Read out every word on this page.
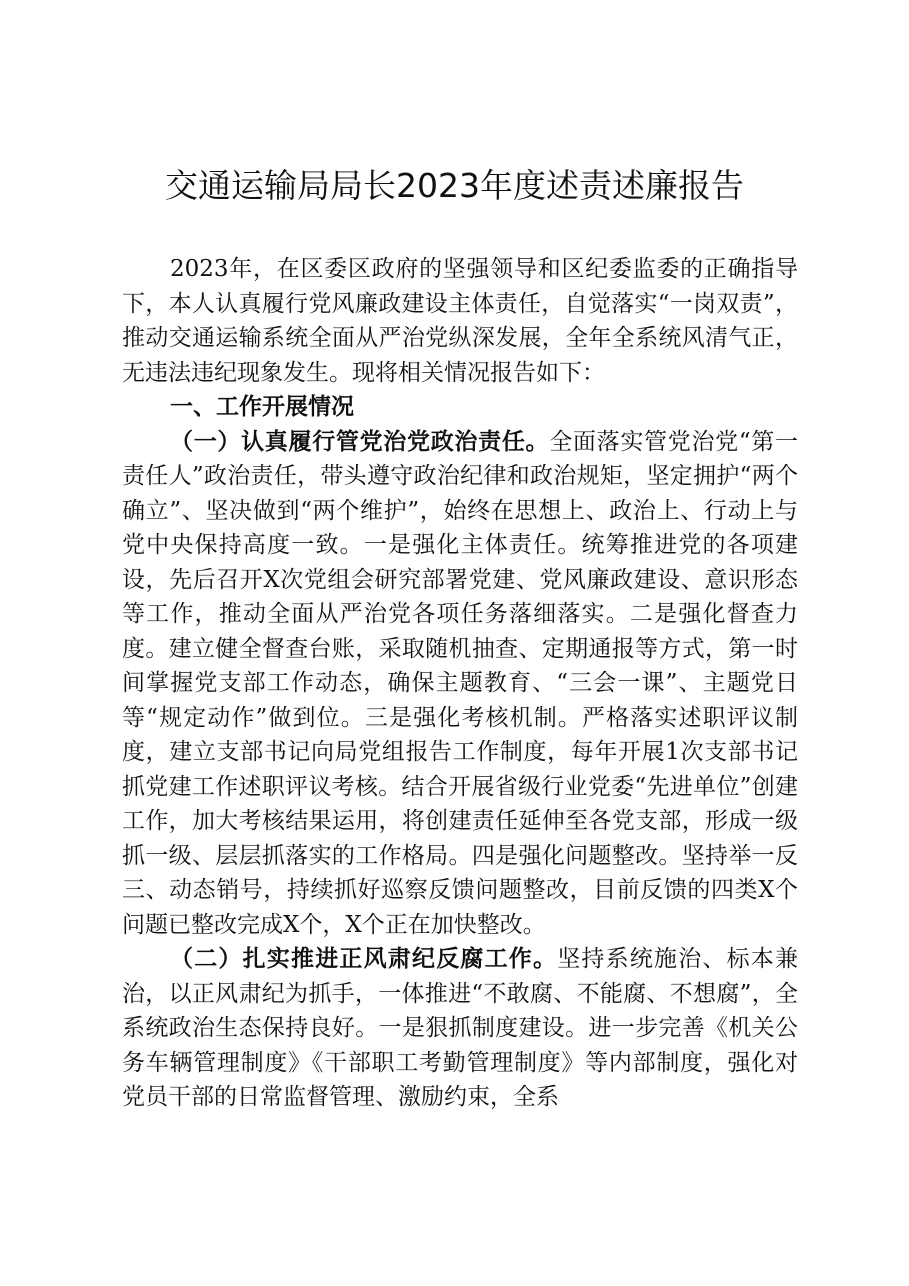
交通运输局局长2023年度述责述廉报告

2023年，在区委区政府的坚强领导和区纪委监委的正确指导下，本人认真履行党风廉政建设主体责任，自觉落实“一岗双责”，推动交通运输系统全面从严治党纵深发展，全年全系统风清气正，无违法违纪现象发生。现将相关情况报告如下：

一、工作开展情况

（一）认真履行管党治党政治责任。全面落实管党治党“第一责任人”政治责任，带头遵守政治纪律和政治规矩，坚定拥护“两个确立”、坚决做到“两个维护”，始终在思想上、政治上、行动上与党中央保持高度一致。一是强化主体责任。统筹推进党的各项建设，先后召开X次党组会研究部署党建、党风廉政建设、意识形态等工作，推动全面从严治党各项任务落细落实。二是强化督查力度。建立健全督查台账，采取随机抽查、定期通报等方式，第一时间掌握党支部工作动态，确保主题教育、“三会一课”、主题党日等“规定动作”做到位。三是强化考核机制。严格落实述职评议制度，建立支部书记向局党组报告工作制度，每年开展1次支部书记抓党建工作述职评议考核。结合开展省级行业党委“先进单位”创建工作，加大考核结果运用，将创建责任延伸至各党支部，形成一级抓一级、层层抓落实的工作格局。四是强化问题整改。坚持举一反三、动态销号，持续抓好巡察反馈问题整改，目前反馈的四类X个问题已整改完成X个，X个正在加快整改。

（二）扎实推进正风肃纪反腐工作。坚持系统施治、标本兼治，以正风肃纪为抓手，一体推进“不敢腐、不能腐、不想腐”，全系统政治生态保持良好。一是狠抓制度建设。进一步完善《机关公务车辆管理制度》《干部职工考勤管理制度》等内部制度，强化对党员干部的日常监督管理、激励约束，全系
